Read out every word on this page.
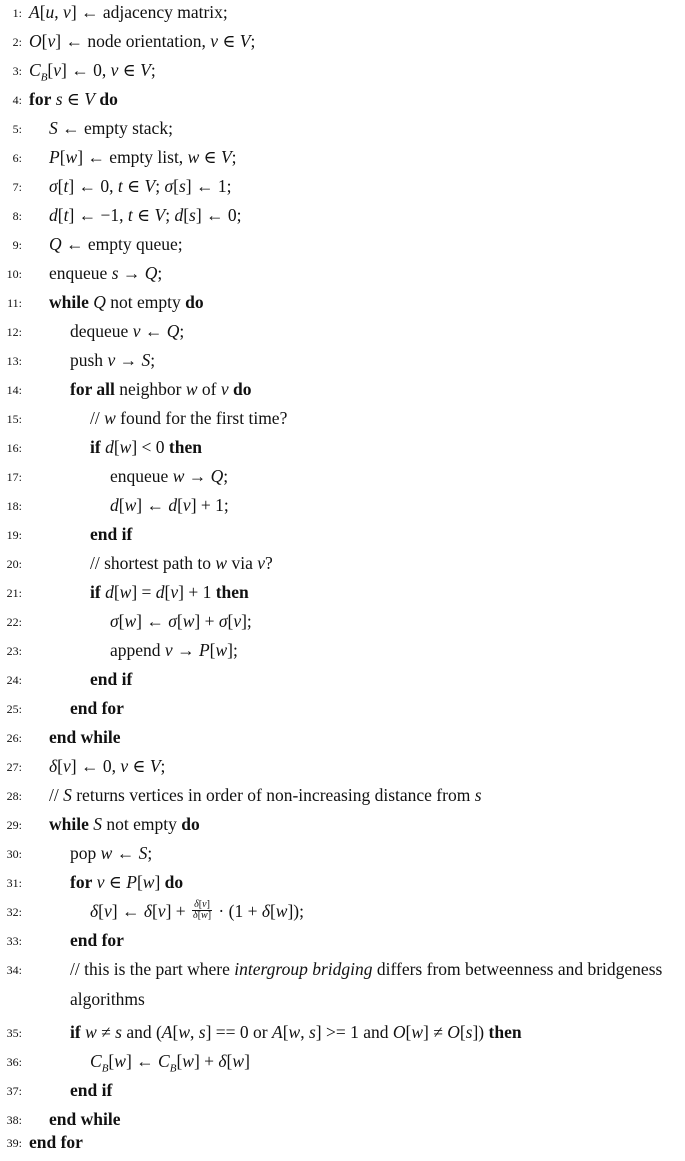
1: A[u, v] ← adjacency matrix;
2: O[v] ← node orientation, v ∈ V;
3: $C_B[v]$ ← 0, v ∈ V;
4: for s ∈ V do
5: S ← empty stack;
6: P[w] ← empty list, w ∈ V;
7: σ[t] ← 0, t ∈ V; σ[s] ← 1;
8: d[t] ← −1, t ∈ V; d[s] ← 0;
9: Q ← empty queue;
10: enqueue s → Q;
11: while Q not empty do
12:	dequeue v ← Q;
13:	push v → S;
14:	for all neighbor w of v do
15:	// w found for the first time?
16:	if d[w] < 0 then
17:	enqueue w → Q;
18:	d[w] ← d[v] + 1;
19:	end if
20:	// shortest path to w via v?
21:	if d[w] = d[v] + 1 then
22:	σ[w] ← σ[w] + σ[v];
23:	append v → P[w];
24:	end if
25:	end for
26: end while
27: δ[v] ← 0, v ∈ V;
28: // S returns vertices in order of non-increasing distance from s
29: while S not empty do
30:	pop w ← S;
31:	for v ∈ P[w] do
32:	δ[v] ← $\delta[v] + \frac{\delta[v]}{\delta[w]} \cdot (1 + \delta[w])$;
33:	end for
34:	// this is the part where intergroup bridging differs from betweenness and bridgeness algorithms
35:	if w ≠ s and (A[w, s] == 0 or A[w, s] >= 1 and O[w] ≠ O[s]) then
36:	$C_B[w]$ ← $C_B[w] + \delta[w]$
37:	end if
38: end while
39: end for
